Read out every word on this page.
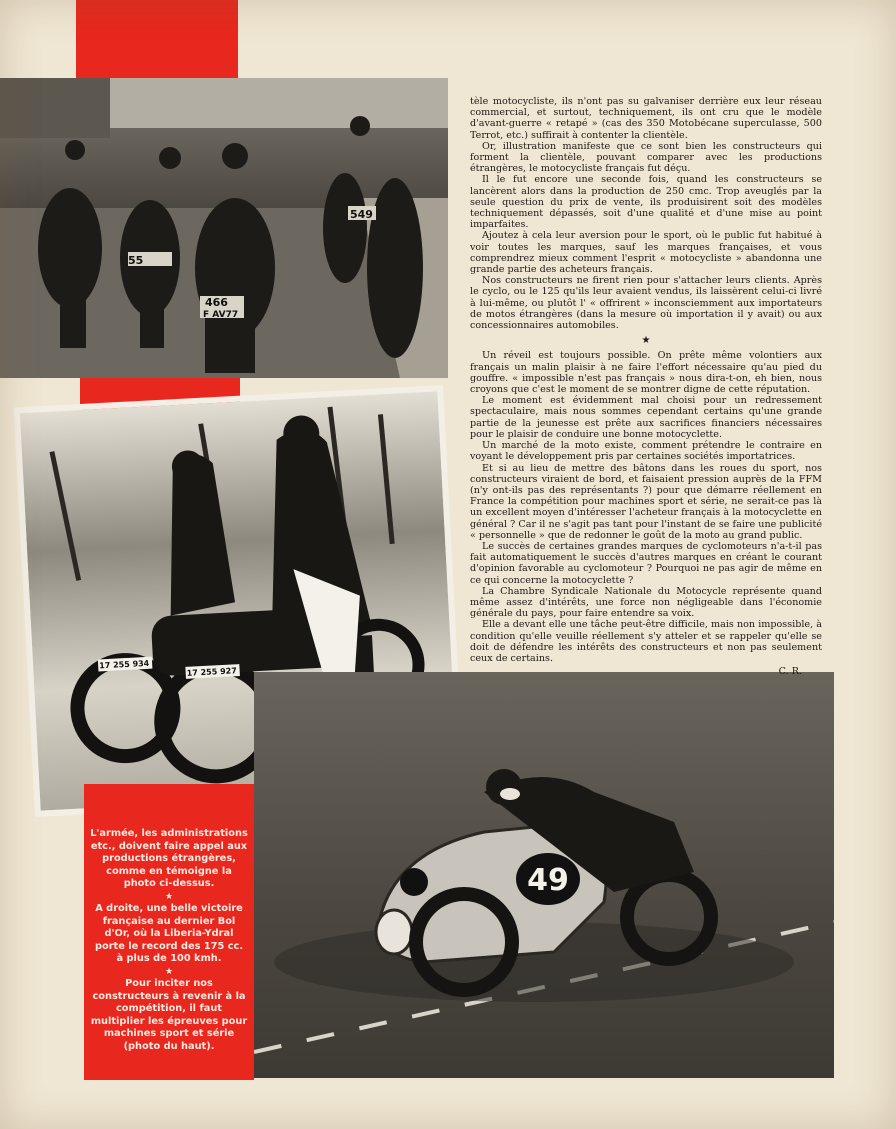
55
466
F AV77
549
17 255 934
17 255 927
49

tèle motocycliste, ils n'ont pas su galvaniser derrière eux leur réseau commercial, et surtout, techniquement, ils ont cru que le modèle d'avant-guerre « retapé » (cas des 350 Motobécane superculasse, 500 Terrot, etc.) suffirait à contenter la clientèle.

Or, illustration manifeste que ce sont bien les constructeurs qui forment la clientèle, pouvant comparer avec les productions étrangères, le motocycliste français fut déçu.

Il le fut encore une seconde fois, quand les constructeurs se lancèrent alors dans la production de 250 cmc. Trop aveuglés par la seule question du prix de vente, ils produisirent soit des modèles techniquement dépassés, soit d'une qualité et d'une mise au point imparfaites.

Ajoutez à cela leur aversion pour le sport, où le public fut habitué à voir toutes les marques, sauf les marques françaises, et vous comprendrez mieux comment l'esprit « motocycliste » abandonna une grande partie des acheteurs français.

Nos constructeurs ne firent rien pour s'attacher leurs clients. Après le cyclo, ou le 125 qu'ils leur avaient vendus, ils laissèrent celui-ci livré à lui-même, ou plutôt l' « offrirent » inconsciemment aux importateurs de motos étrangères (dans la mesure où importation il y avait) ou aux concessionnaires automobiles.

★

Un réveil est toujours possible. On prête même volontiers aux français un malin plaisir à ne faire l'effort nécessaire qu'au pied du gouffre. « impossible n'est pas français » nous dira-t-on, eh bien, nous croyons que c'est le moment de se montrer digne de cette réputation.

Le moment est évidemment mal choisi pour un redressement spectaculaire, mais nous sommes cependant certains qu'une grande partie de la jeunesse est prête aux sacrifices financiers nécessaires pour le plaisir de conduire une bonne motocyclette.

Un marché de la moto existe, comment prétendre le contraire en voyant le développement pris par certaines sociétés importatrices.

Et si au lieu de mettre des bâtons dans les roues du sport, nos constructeurs viraient de bord, et faisaient pression auprès de la FFM (n'y ont-ils pas des représentants ?) pour que démarre réellement en France la compétition pour machines sport et série, ne serait-ce pas là un excellent moyen d'intéresser l'acheteur français à la motocyclette en général ? Car il ne s'agit pas tant pour l'instant de se faire une publicité « personnelle » que de redonner le goût de la moto au grand public.

Le succès de certaines grandes marques de cyclomoteurs n'a-t-il pas fait automatiquement le succès d'autres marques en créant le courant d'opinion favorable au cyclomoteur ? Pourquoi ne pas agir de même en ce qui concerne la motocyclette ?

La Chambre Syndicale Nationale du Motocycle représente quand même assez d'intérêts, une force non négligeable dans l'économie générale du pays, pour faire entendre sa voix.

Elle a devant elle une tâche peut-être difficile, mais non impossible, à condition qu'elle veuille réellement s'y atteler et se rappeler qu'elle se doit de défendre les intérêts des constructeurs et non pas seulement ceux de certains.

C. R.

L'armée, les administrations etc., doivent faire appel aux productions étrangères, comme en témoigne la photo ci-dessus.

★

A droite, une belle victoire française au dernier Bol d'Or, où la Liberia-Ydral porte le record des 175 cc. à plus de 100 kmh.

★

Pour inciter nos constructeurs à revenir à la compétition, il faut multiplier les épreuves pour machines sport et série (photo du haut).
